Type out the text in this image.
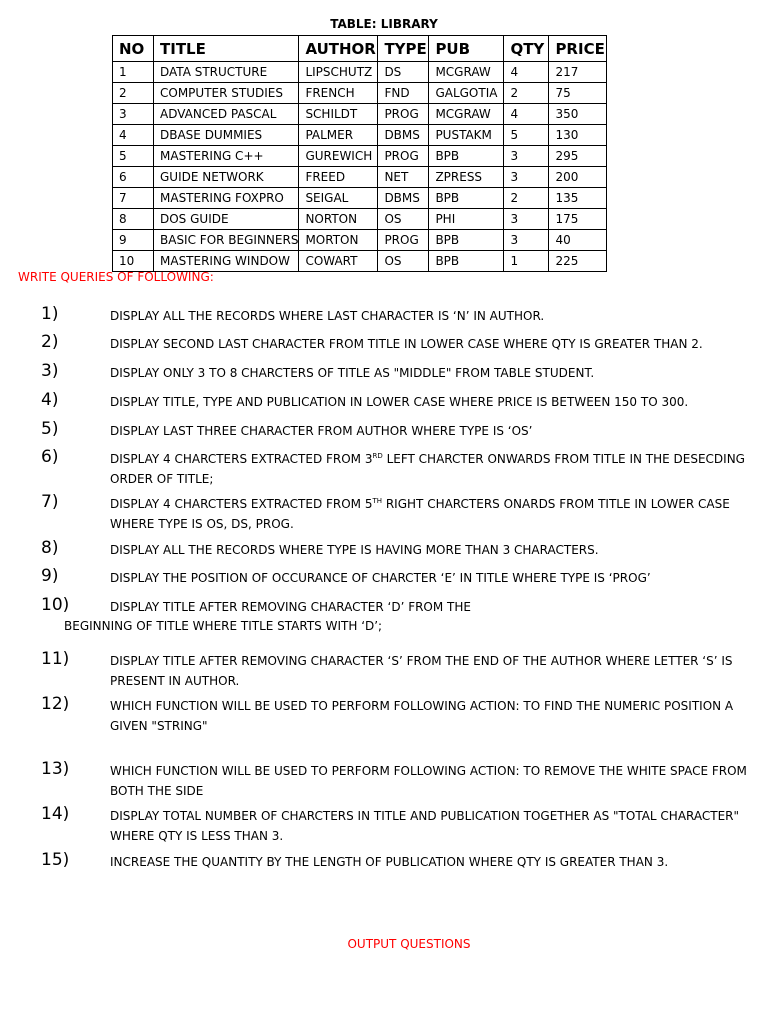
TABLE: LIBRARY
NO	TITLE	AUTHOR	TYPE	PUB	QTY	PRICE
1	DATA STRUCTURE	LIPSCHUTZ	DS	MCGRAW	4	217
2	COMPUTER STUDIES	FRENCH	FND	GALGOTIA	2	75
3	ADVANCED PASCAL	SCHILDT	PROG	MCGRAW	4	350
4	DBASE DUMMIES	PALMER	DBMS	PUSTAKM	5	130
5	MASTERING C++	GUREWICH	PROG	BPB	3	295
6	GUIDE NETWORK	FREED	NET	ZPRESS	3	200
7	MASTERING FOXPRO	SEIGAL	DBMS	BPB	2	135
8	DOS GUIDE	NORTON	OS	PHI	3	175
9	BASIC FOR BEGINNERS	MORTON	PROG	BPB	3	40
10	MASTERING WINDOW	COWART	OS	BPB	1	225
WRITE QUERIES OF FOLLOWING:
1)	DISPLAY ALL THE RECORDS WHERE LAST CHARACTER IS ‘N’ IN AUTHOR.
2)	DISPLAY SECOND LAST CHARACTER FROM TITLE IN LOWER CASE WHERE QTY IS GREATER THAN 2.
3)	DISPLAY ONLY 3 TO 8 CHARCTERS OF TITLE AS "MIDDLE" FROM TABLE STUDENT.
4)	DISPLAY TITLE, TYPE AND PUBLICATION IN LOWER CASE WHERE PRICE IS BETWEEN 150 TO 300.
5)	DISPLAY LAST THREE CHARACTER FROM AUTHOR WHERE TYPE IS ‘OS’
6)	DISPLAY 4 CHARCTERS EXTRACTED FROM 3RD LEFT CHARCTER ONWARDS FROM TITLE IN THE DESECDING ORDER OF TITLE;
7)	DISPLAY 4 CHARCTERS EXTRACTED FROM 5TH RIGHT CHARCTERS ONARDS FROM TITLE IN LOWER CASE WHERE TYPE IS OS, DS, PROG.
8)	DISPLAY ALL THE RECORDS WHERE TYPE IS HAVING MORE THAN 3 CHARACTERS.
9)	DISPLAY THE POSITION OF OCCURANCE OF CHARCTER ‘E’ IN TITLE WHERE TYPE IS ‘PROG’
10)	DISPLAY TITLE AFTER REMOVING CHARACTER ‘D’ FROM THE
BEGINNING OF TITLE WHERE TITLE STARTS WITH ‘D’;
11)	DISPLAY TITLE AFTER REMOVING CHARACTER ‘S’ FROM THE END OF THE AUTHOR WHERE LETTER ‘S’ IS PRESENT IN AUTHOR.
12)	WHICH FUNCTION WILL BE USED TO PERFORM FOLLOWING ACTION: TO FIND THE NUMERIC POSITION A GIVEN "STRING"
13)	WHICH FUNCTION WILL BE USED TO PERFORM FOLLOWING ACTION: TO REMOVE THE WHITE SPACE FROM BOTH THE SIDE
14)	DISPLAY TOTAL NUMBER OF CHARCTERS IN TITLE AND PUBLICATION TOGETHER AS "TOTAL CHARACTER" WHERE QTY IS LESS THAN 3.
15)	INCREASE THE QUANTITY BY THE LENGTH OF PUBLICATION WHERE QTY IS GREATER THAN 3.
OUTPUT QUESTIONS
